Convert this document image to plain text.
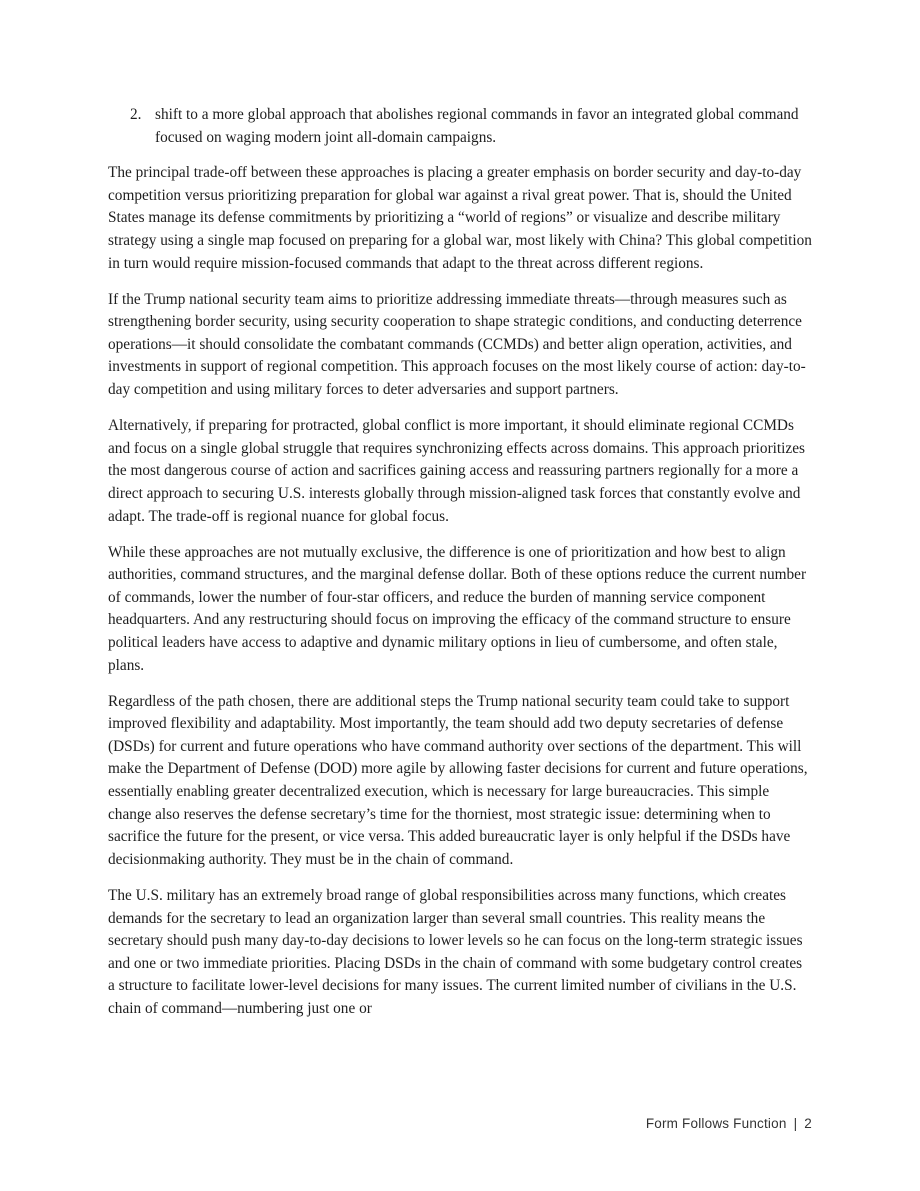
2. shift to a more global approach that abolishes regional commands in favor an integrated global command focused on waging modern joint all-domain campaigns.

The principal trade-off between these approaches is placing a greater emphasis on border security and day-to-day competition versus prioritizing preparation for global war against a rival great power. That is, should the United States manage its defense commitments by prioritizing a “world of regions” or visualize and describe military strategy using a single map focused on preparing for a global war, most likely with China? This global competition in turn would require mission-focused commands that adapt to the threat across different regions.

If the Trump national security team aims to prioritize addressing immediate threats—through measures such as strengthening border security, using security cooperation to shape strategic conditions, and conducting deterrence operations—it should consolidate the combatant commands (CCMDs) and better align operation, activities, and investments in support of regional competition. This approach focuses on the most likely course of action: day-to-day competition and using military forces to deter adversaries and support partners.

Alternatively, if preparing for protracted, global conflict is more important, it should eliminate regional CCMDs and focus on a single global struggle that requires synchronizing effects across domains. This approach prioritizes the most dangerous course of action and sacrifices gaining access and reassuring partners regionally for a more a direct approach to securing U.S. interests globally through mission-aligned task forces that constantly evolve and adapt. The trade-off is regional nuance for global focus.

While these approaches are not mutually exclusive, the difference is one of prioritization and how best to align authorities, command structures, and the marginal defense dollar. Both of these options reduce the current number of commands, lower the number of four-star officers, and reduce the burden of manning service component headquarters. And any restructuring should focus on improving the efficacy of the command structure to ensure political leaders have access to adaptive and dynamic military options in lieu of cumbersome, and often stale, plans.

Regardless of the path chosen, there are additional steps the Trump national security team could take to support improved flexibility and adaptability. Most importantly, the team should add two deputy secretaries of defense (DSDs) for current and future operations who have command authority over sections of the department. This will make the Department of Defense (DOD) more agile by allowing faster decisions for current and future operations, essentially enabling greater decentralized execution, which is necessary for large bureaucracies. This simple change also reserves the defense secretary’s time for the thorniest, most strategic issue: determining when to sacrifice the future for the present, or vice versa. This added bureaucratic layer is only helpful if the DSDs have decisionmaking authority. They must be in the chain of command.

The U.S. military has an extremely broad range of global responsibilities across many functions, which creates demands for the secretary to lead an organization larger than several small countries. This reality means the secretary should push many day-to-day decisions to lower levels so he can focus on the long-term strategic issues and one or two immediate priorities. Placing DSDs in the chain of command with some budgetary control creates a structure to facilitate lower-level decisions for many issues. The current limited number of civilians in the U.S. chain of command—numbering just one or

Form Follows Function | 2
